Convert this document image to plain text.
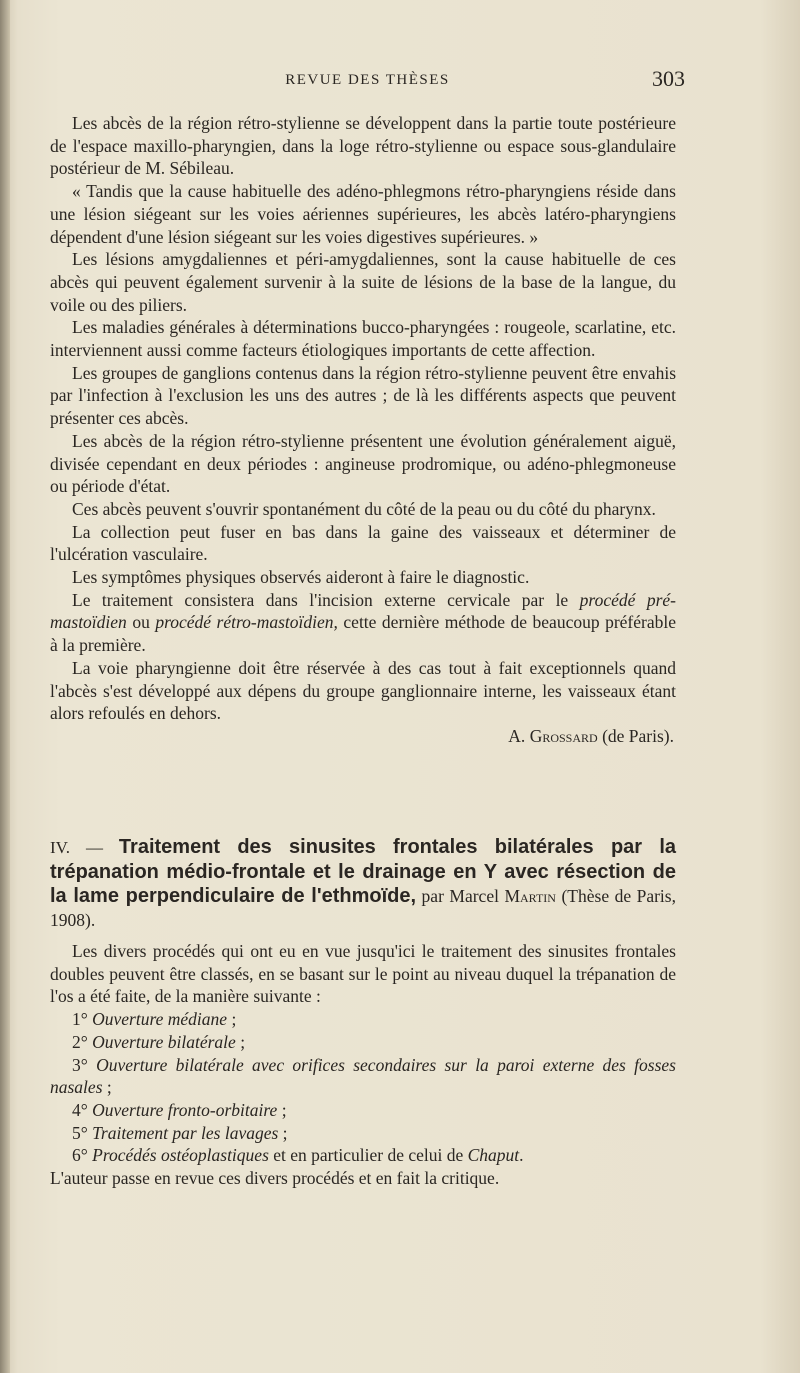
REVUE DES THÈSES	303

Les abcès de la région rétro-stylienne se développent dans la partie toute postérieure de l'espace maxillo-pharyngien, dans la loge rétro-stylienne ou espace sous-glandulaire postérieur de M. Sébileau.

« Tandis que la cause habituelle des adéno-phlegmons rétro-pharyngiens réside dans une lésion siégeant sur les voies aériennes supérieures, les abcès latéro-pharyngiens dépendent d'une lésion siégeant sur les voies digestives supérieures. »

Les lésions amygdaliennes et péri-amygdaliennes, sont la cause habituelle de ces abcès qui peuvent également survenir à la suite de lésions de la base de la langue, du voile ou des piliers.

Les maladies générales à déterminations bucco-pharyngées : rougeole, scarlatine, etc. interviennent aussi comme facteurs étiologiques importants de cette affection.

Les groupes de ganglions contenus dans la région rétro-stylienne peuvent être envahis par l'infection à l'exclusion les uns des autres ; de là les différents aspects que peuvent présenter ces abcès.

Les abcès de la région rétro-stylienne présentent une évolution généralement aiguë, divisée cependant en deux périodes : angineuse prodromique, ou adéno-phlegmoneuse ou période d'état.

Ces abcès peuvent s'ouvrir spontanément du côté de la peau ou du côté du pharynx.

La collection peut fuser en bas dans la gaine des vaisseaux et déterminer de l'ulcération vasculaire.

Les symptômes physiques observés aideront à faire le diagnostic.

Le traitement consistera dans l'incision externe cervicale par le procédé pré-mastoïdien ou procédé rétro-mastoïdien, cette dernière méthode de beaucoup préférable à la première.

La voie pharyngienne doit être réservée à des cas tout à fait exceptionnels quand l'abcès s'est développé aux dépens du groupe ganglionnaire interne, les vaisseaux étant alors refoulés en dehors.

A. Grossard (de Paris).
IV. — Traitement des sinusites frontales bilatérales par la trépanation médio-frontale et le drainage en Y avec résection de la lame perpendiculaire de l'ethmoïde, par Marcel Martin (Thèse de Paris, 1908).

Les divers procédés qui ont eu en vue jusqu'ici le traitement des sinusites frontales doubles peuvent être classés, en se basant sur le point au niveau duquel la trépanation de l'os a été faite, de la manière suivante :

1° Ouverture médiane ;
2° Ouverture bilatérale ;
3° Ouverture bilatérale avec orifices secondaires sur la paroi externe des fosses nasales ;
4° Ouverture fronto-orbitaire ;
5° Traitement par les lavages ;
6° Procédés ostéoplastiques et en particulier de celui de Chaput.

L'auteur passe en revue ces divers procédés et en fait la critique.
